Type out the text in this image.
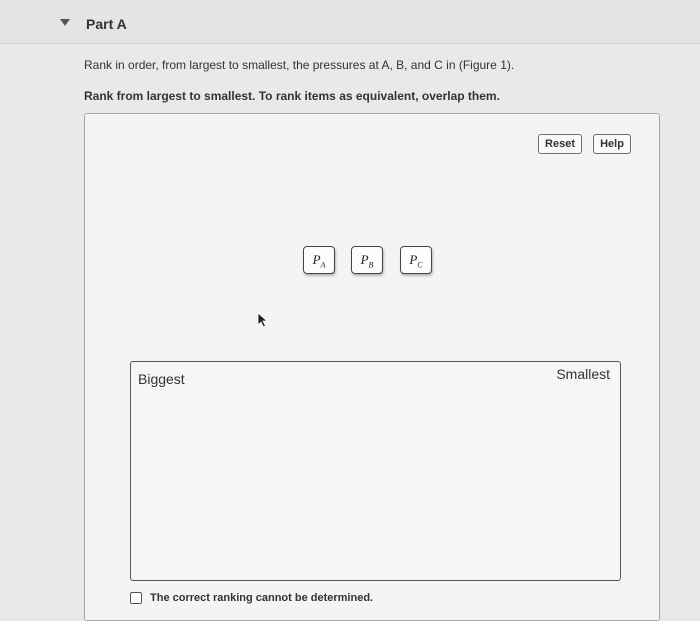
Part A
Rank in order, from largest to smallest, the pressures at A, B, and C in (Figure 1).
Rank from largest to smallest. To rank items as equivalent, overlap them.
Reset	Help
$P_A$	$P_B$	$P_C$
Biggest	Smallest
The correct ranking cannot be determined.
